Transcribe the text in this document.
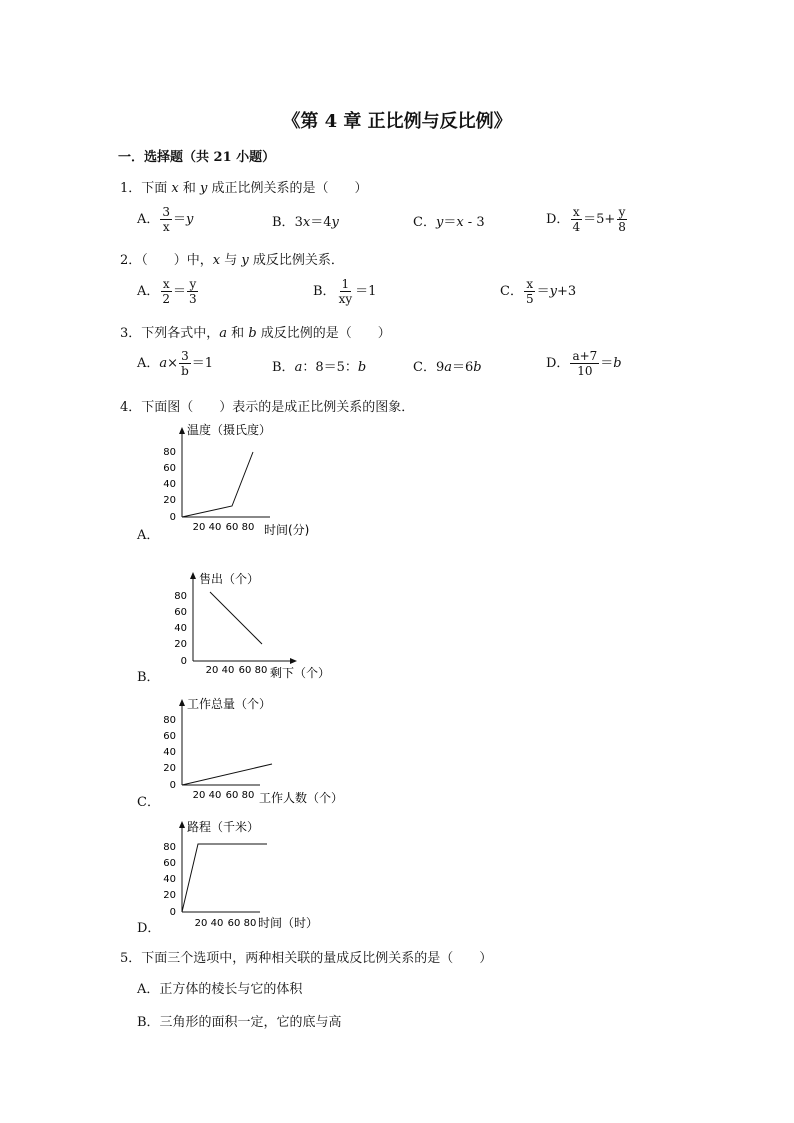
《第 4 章 正比例与反比例》
一．选择题（共 21 小题）
1．下面 x 和 y 成正比例关系的是（　　）
A． $\frac{3}{x} =y$	B．3x＝4y	C．y＝x - 3	D． $\frac{x}{4} =5+ \frac{y}{8}$
2．（　　）中，x 与 y 成反比例关系．
A． $\frac{x}{2} = \frac{y}{3}$	B． $\frac{1}{xy} =1$	C． $\frac{x}{5} =y+3$
3．下列各式中，a 和 b 成反比例的是（　　）
A．$a\times \frac{3}{b} =1$	B．a：8＝5：b	C．9a＝6b	D． $\frac{a+7}{10} =b$
4．下面图（　　）表示的是成正比例关系的图象．
A．
温度（摄氏度）
80
60
40
20
0
20 40 60 80 时间(分)
B．
售出（个）
80
60
40
20
0
20 40 60 80 剩下（个）
C．
工作总量（个）
80
60
40
20
0
20 40 60 80 工作人数（个）
D．
路程（千米）
80
60
40
20
0
20 40 60 80 时间（时）
5．下面三个选项中，两种相关联的量成反比例关系的是（　　）
A．正方体的棱长与它的体积
B．三角形的面积一定，它的底与高
